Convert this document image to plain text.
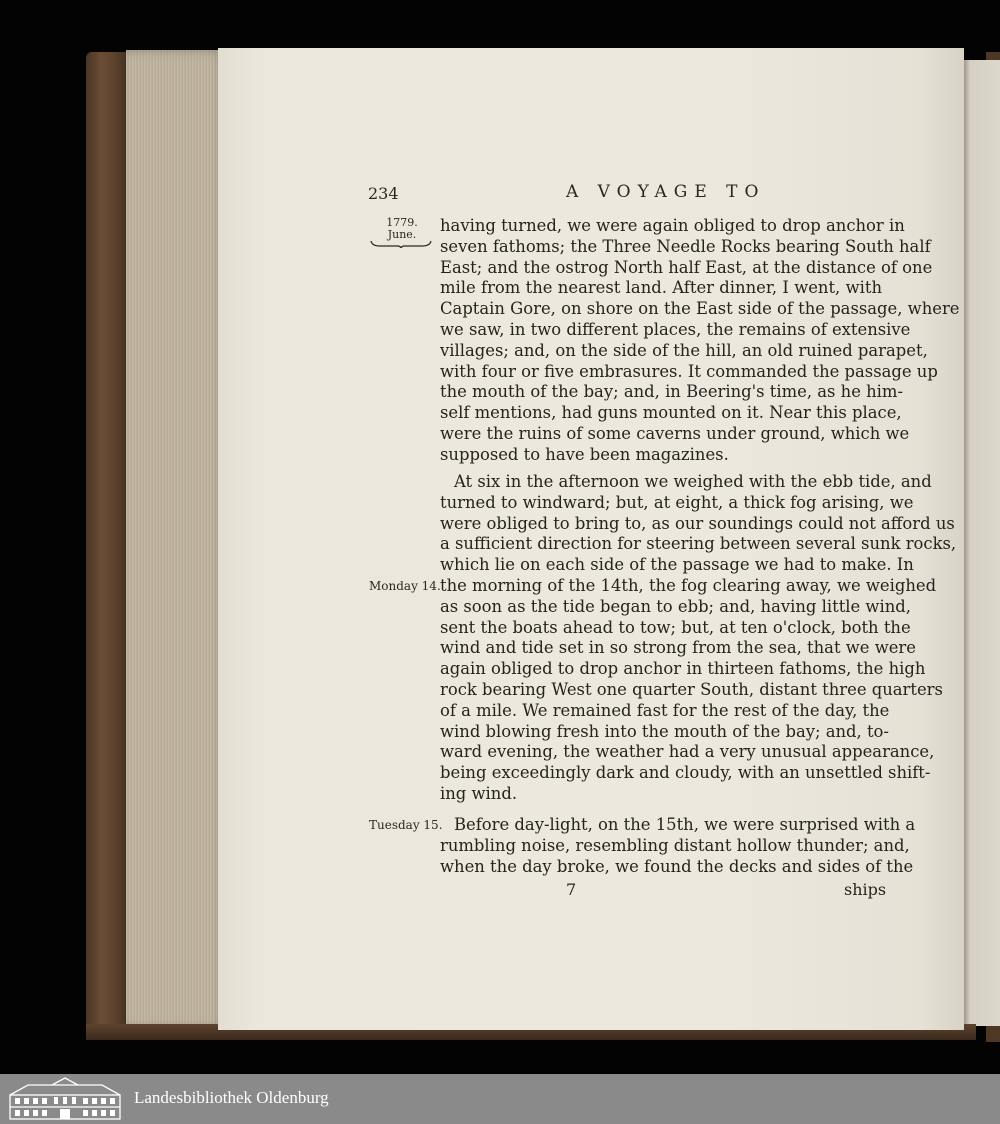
234	A VOYAGE TO
1779.
June.
Monday 14.
Tuesday 15.

having turned, we were again obliged to drop anchor in
seven fathoms; the Three Needle Rocks bearing South half
East; and the ostrog North half East, at the distance of one
mile from the nearest land. After dinner, I went, with
Captain Gore, on shore on the East side of the passage, where
we saw, in two different places, the remains of extensive
villages; and, on the side of the hill, an old ruined parapet,
with four or five embrasures. It commanded the passage up
the mouth of the bay; and, in Beering's time, as he him-
self mentions, had guns mounted on it. Near this place,
were the ruins of some caverns under ground, which we
supposed to have been magazines.

At six in the afternoon we weighed with the ebb tide, and
turned to windward; but, at eight, a thick fog arising, we
were obliged to bring to, as our soundings could not afford us
a sufficient direction for steering between several sunk rocks,
which lie on each side of the passage we had to make. In
the morning of the 14th, the fog clearing away, we weighed
as soon as the tide began to ebb; and, having little wind,
sent the boats ahead to tow; but, at ten o'clock, both the
wind and tide set in so strong from the sea, that we were
again obliged to drop anchor in thirteen fathoms, the high
rock bearing West one quarter South, distant three quarters
of a mile. We remained fast for the rest of the day, the
wind blowing fresh into the mouth of the bay; and, to-
ward evening, the weather had a very unusual appearance,
being exceedingly dark and cloudy, with an unsettled shift-
ing wind.

Before day-light, on the 15th, we were surprised with a
rumbling noise, resembling distant hollow thunder; and,
when the day broke, we found the decks and sides of the

7	ships
Landesbibliothek Oldenburg
